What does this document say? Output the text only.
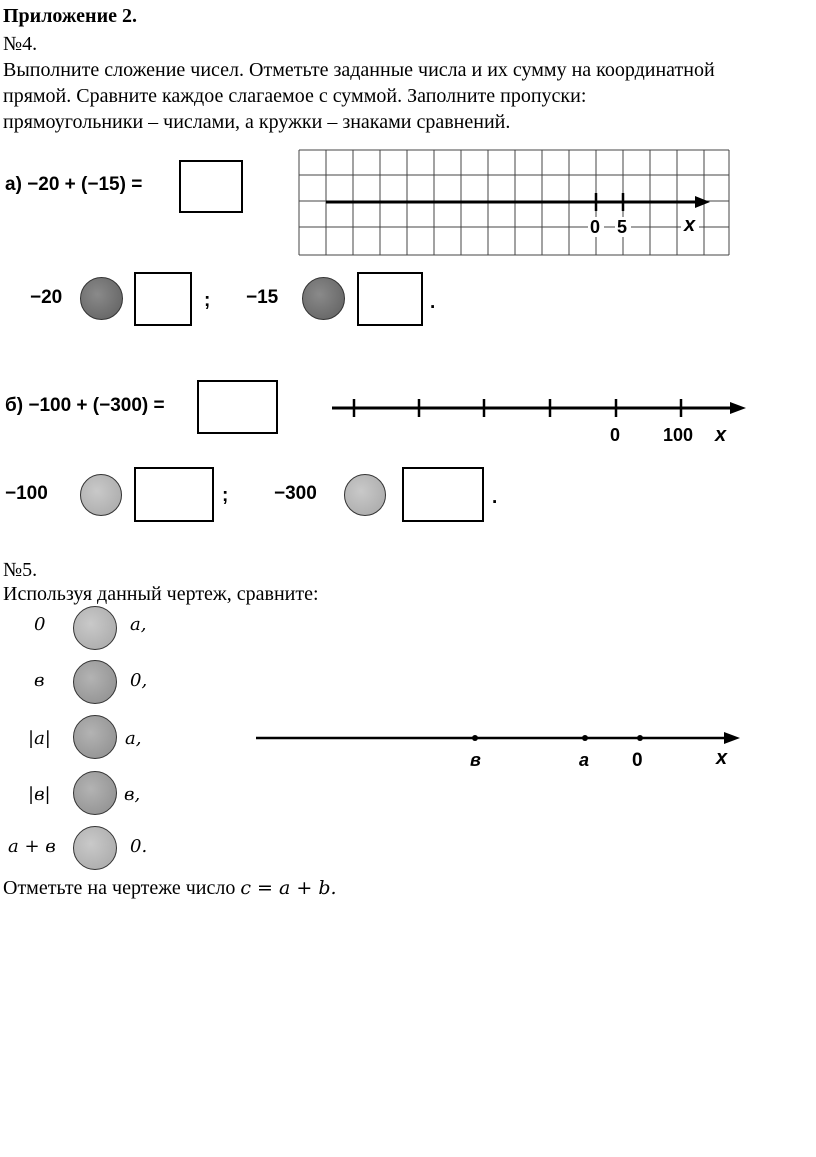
Приложение 2.
№4.
Выполните сложение чисел. Отметьте заданные числа и их сумму на координатной
прямой. Сравните каждое слагаемое с суммой. Заполните пропуски:
прямоугольники – числами, а кружки – знаками сравнений.
а) −20 + (−15) =
0 5	x
−20	; −15	.
б) −100 + (−300) =
0 100 x
−100	; −300	.
№5.
Используя данный чертеж, сравните:
0	a,
в	0,
|a|	a,
|в|	в,
a + в	0.
в	a 0	x
Отметьте на чертеже число c = a + b.
